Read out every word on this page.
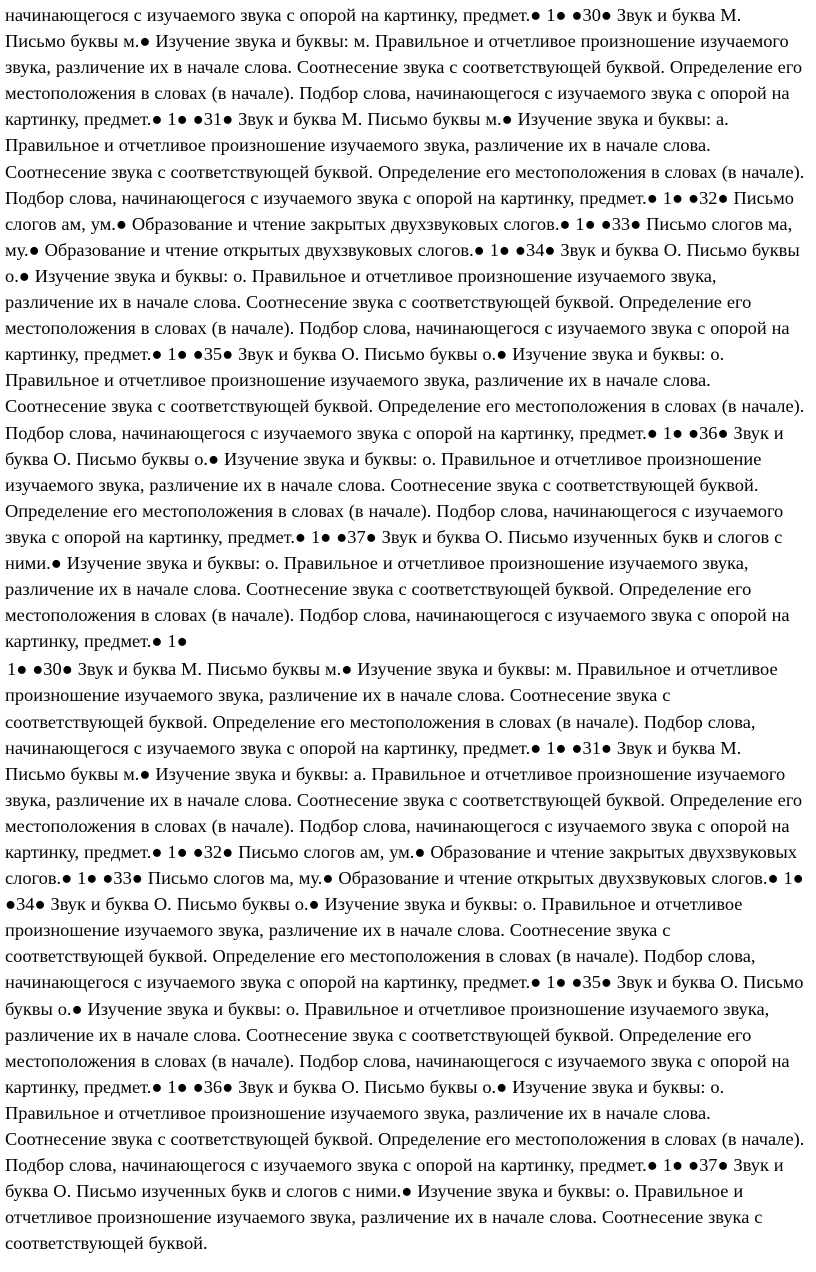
начинающегося с изучаемого звука с опорой на картинку, предмет.● 1● ●30● Звук и буква М. Письмо буквы м.● Изучение звука и буквы: м. Правильное и отчетливое произношение изучаемого звука, различение их в начале слова. Соотнесение звука с соответствующей буквой. Определение его местоположения в словах (в начале). Подбор слова, начинающегося с изучаемого звука с опорой на картинку, предмет.● 1● ●31● Звук и буква М. Письмо буквы м.● Изучение звука и буквы: а. Правильное и отчетливое произношение изучаемого звука, различение их в начале слова. Соотнесение звука с соответствующей буквой. Определение его местоположения в словах (в начале). Подбор слова, начинающегося с изучаемого звука с опорой на картинку, предмет.● 1● ●32● Письмо слогов ам, ум.● Образование и чтение закрытых двухзвуковых слогов.● 1● ●33● Письмо слогов ма, му.● Образование и чтение открытых двухзвуковых слогов.● 1● ●34● Звук и буква О. Письмо буквы о.● Изучение звука и буквы: о. Правильное и отчетливое произношение изучаемого звука, различение их в начале слова. Соотнесение звука с соответствующей буквой. Определение его местоположения в словах (в начале). Подбор слова, начинающегося с изучаемого звука с опорой на картинку, предмет.● 1● ●35● Звук и буква О. Письмо буквы о.● Изучение звука и буквы: о. Правильное и отчетливое произношение изучаемого звука, различение их в начале слова. Соотнесение звука с соответствующей буквой. Определение его местоположения в словах (в начале). Подбор слова, начинающегося с изучаемого звука с опорой на картинку, предмет.● 1● ●36● Звук и буква О. Письмо буквы о.● Изучение звука и буквы: о. Правильное и отчетливое произношение изучаемого звука, различение их в начале слова. Соотнесение звука с соответствующей буквой. Определение его местоположения в словах (в начале). Подбор слова, начинающегося с изучаемого звука с опорой на картинку, предмет.● 1● ●37● Звук и буква О. Письмо изученных букв и слогов с ними.● Изучение звука и буквы: о. Правильное и отчетливое произношение изучаемого звука, различение их в начале слова. Соотнесение звука с соответствующей буквой. Определение его местоположения в словах (в начале). Подбор слова, начинающегося с изучаемого звука с опорой на картинку, предмет.● 1●

1● ●30● Звук и буква М. Письмо буквы м.● Изучение звука и буквы: м. Правильное и отчетливое произношение изучаемого звука, различение их в начале слова. Соотнесение звука с соответствующей буквой. Определение его местоположения в словах (в начале). Подбор слова, начинающегося с изучаемого звука с опорой на картинку, предмет.● 1● ●31● Звук и буква М. Письмо буквы м.● Изучение звука и буквы: а. Правильное и отчетливое произношение изучаемого звука, различение их в начале слова. Соотнесение звука с соответствующей буквой. Определение его местоположения в словах (в начале). Подбор слова, начинающегося с изучаемого звука с опорой на картинку, предмет.● 1● ●32● Письмо слогов ам, ум.● Образование и чтение закрытых двухзвуковых слогов.● 1● ●33● Письмо слогов ма, му.● Образование и чтение открытых двухзвуковых слогов.● 1● ●34● Звук и буква О. Письмо буквы о.● Изучение звука и буквы: о. Правильное и отчетливое произношение изучаемого звука, различение их в начале слова. Соотнесение звука с соответствующей буквой. Определение его местоположения в словах (в начале). Подбор слова, начинающегося с изучаемого звука с опорой на картинку, предмет.● 1● ●35● Звук и буква О. Письмо буквы о.● Изучение звука и буквы: о. Правильное и отчетливое произношение изучаемого звука, различение их в начале слова. Соотнесение звука с соответствующей буквой. Определение его местоположения в словах (в начале). Подбор слова, начинающегося с изучаемого звука с опорой на картинку, предмет.● 1● ●36● Звук и буква О. Письмо буквы о.● Изучение звука и буквы: о. Правильное и отчетливое произношение изучаемого звука, различение их в начале слова. Соотнесение звука с соответствующей буквой. Определение его местоположения в словах (в начале). Подбор слова, начинающегося с изучаемого звука с опорой на картинку, предмет.● 1● ●37● Звук и буква О. Письмо изученных букв и слогов с ними.● Изучение звука и буквы: о. Правильное и отчетливое произношение изучаемого звука, различение их в начале слова. Соотнесение звука с соответствующей буквой.
